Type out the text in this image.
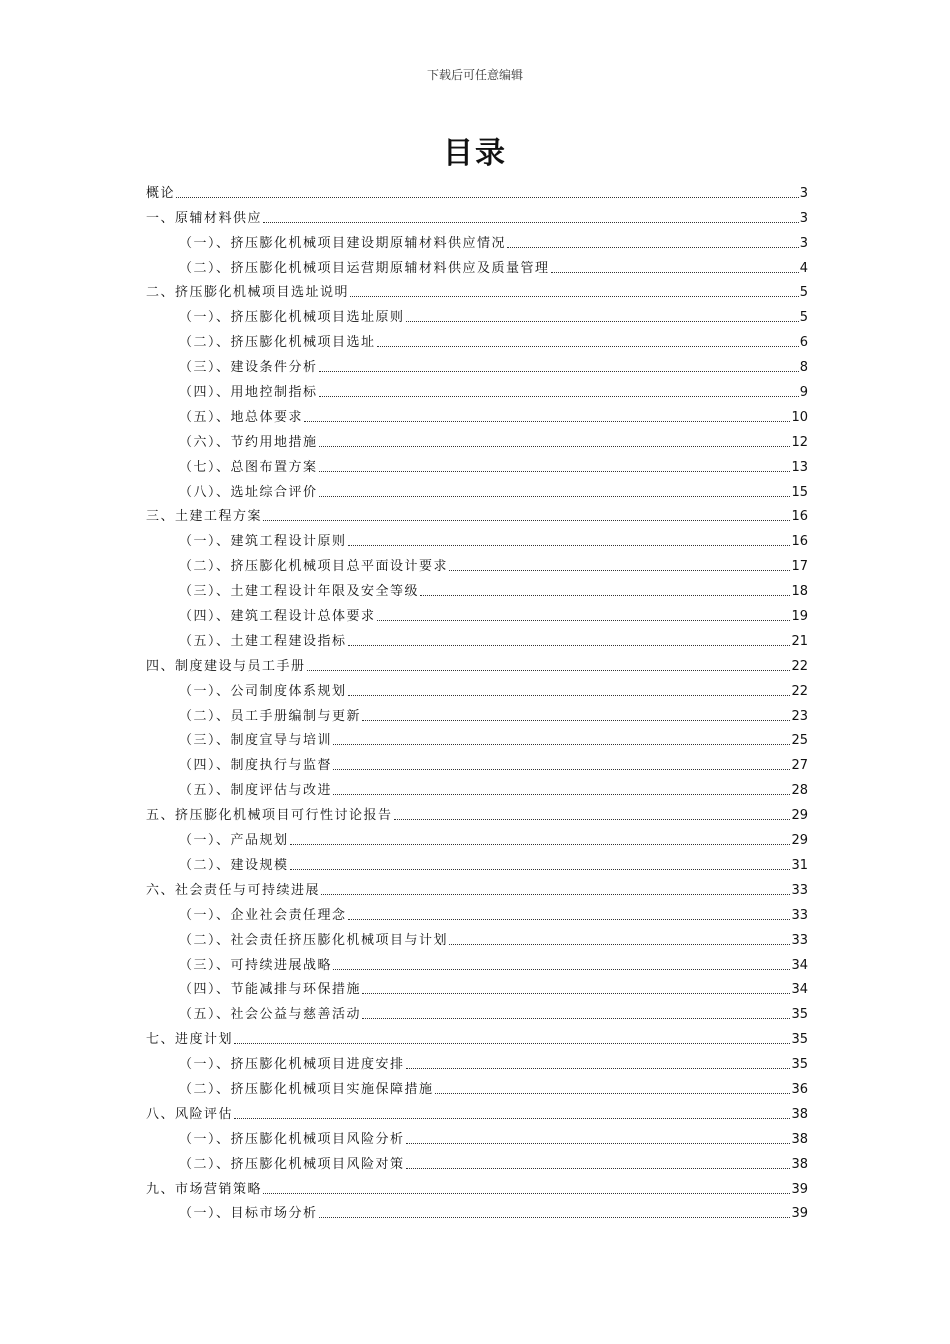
下载后可任意编辑
目录
概论	3
一、原辅材料供应	3
（一）、挤压膨化机械项目建设期原辅材料供应情况	3
（二）、挤压膨化机械项目运营期原辅材料供应及质量管理	4
二、挤压膨化机械项目选址说明	5
（一）、挤压膨化机械项目选址原则	5
（二）、挤压膨化机械项目选址	6
（三）、建设条件分析	8
（四）、用地控制指标	9
（五）、地总体要求	10
（六）、节约用地措施	12
（七）、总图布置方案	13
（八）、选址综合评价	15
三、土建工程方案	16
（一）、建筑工程设计原则	16
（二）、挤压膨化机械项目总平面设计要求	17
（三）、土建工程设计年限及安全等级	18
（四）、建筑工程设计总体要求	19
（五）、土建工程建设指标	21
四、制度建设与员工手册	22
（一）、公司制度体系规划	22
（二）、员工手册编制与更新	23
（三）、制度宣导与培训	25
（四）、制度执行与监督	27
（五）、制度评估与改进	28
五、挤压膨化机械项目可行性讨论报告	29
（一）、产品规划	29
（二）、建设规模	31
六、社会责任与可持续进展	33
（一）、企业社会责任理念	33
（二）、社会责任挤压膨化机械项目与计划	33
（三）、可持续进展战略	34
（四）、节能减排与环保措施	34
（五）、社会公益与慈善活动	35
七、进度计划	35
（一）、挤压膨化机械项目进度安排	35
（二）、挤压膨化机械项目实施保障措施	36
八、风险评估	38
（一）、挤压膨化机械项目风险分析	38
（二）、挤压膨化机械项目风险对策	38
九、市场营销策略	39
（一）、目标市场分析	39
